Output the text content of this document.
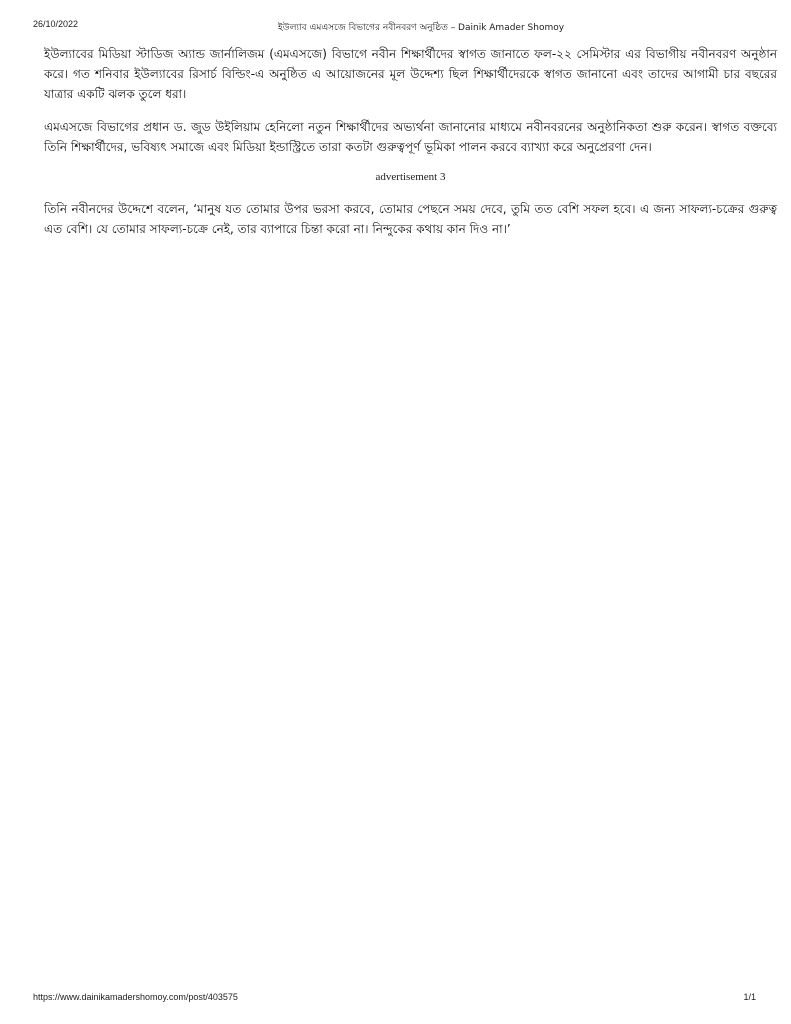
26/10/2022	ইউল্যাব এমএসজে বিভাগের নবীনবরণ অনুষ্ঠিত – Dainik Amader Shomoy

ইউল্যাবের মিডিয়া স্টাডিজ অ্যান্ড জার্নালিজম (এমএসজে) বিভাগে নবীন শিক্ষার্থীদের স্বাগত জানাতে ফল-২২ সেমিস্টার এর বিভাগীয় নবীনবরণ অনুষ্ঠান করে। গত শনিবার ইউল্যাবের রিসার্চ বিল্ডিং-এ অনুষ্ঠিত এ আয়োজনের মূল উদ্দেশ্য ছিল শিক্ষার্থীদেরকে স্বাগত জানানো এবং তাদের আগামী চার বছরের যাত্রার একটি ঝলক তুলে ধরা।

এমএসজে বিভাগের প্রধান ড. জুড উইলিয়াম হেনিলো নতুন শিক্ষার্থীদের অভ্যর্থনা জানানোর মাধ্যমে নবীনবরনের অনুষ্ঠানিকতা শুরু করেন। স্বাগত বক্তব্যে তিনি শিক্ষার্থীদের, ভবিষ্যৎ সমাজে এবং মিডিয়া ইন্ডাস্ট্রিতে তারা কতটা গুরুত্বপূর্ণ ভূমিকা পালন করবে ব্যাখ্যা করে অনুপ্রেরণা দেন।

advertisement 3

তিনি নবীনদের উদ্দেশে বলেন, ‘মানুষ যত তোমার উপর ভরসা করবে, তোমার পেছনে সময় দেবে, তুমি তত বেশি সফল হবে। এ জন্য সাফল্য-চক্রের গুরুত্ব এত বেশি। যে তোমার সাফল্য-চক্রে নেই, তার ব্যাপারে চিন্তা করো না। নিন্দুকের কথায় কান দিও না।’

https://www.dainikamadershomoy.com/post/403575	1/1
